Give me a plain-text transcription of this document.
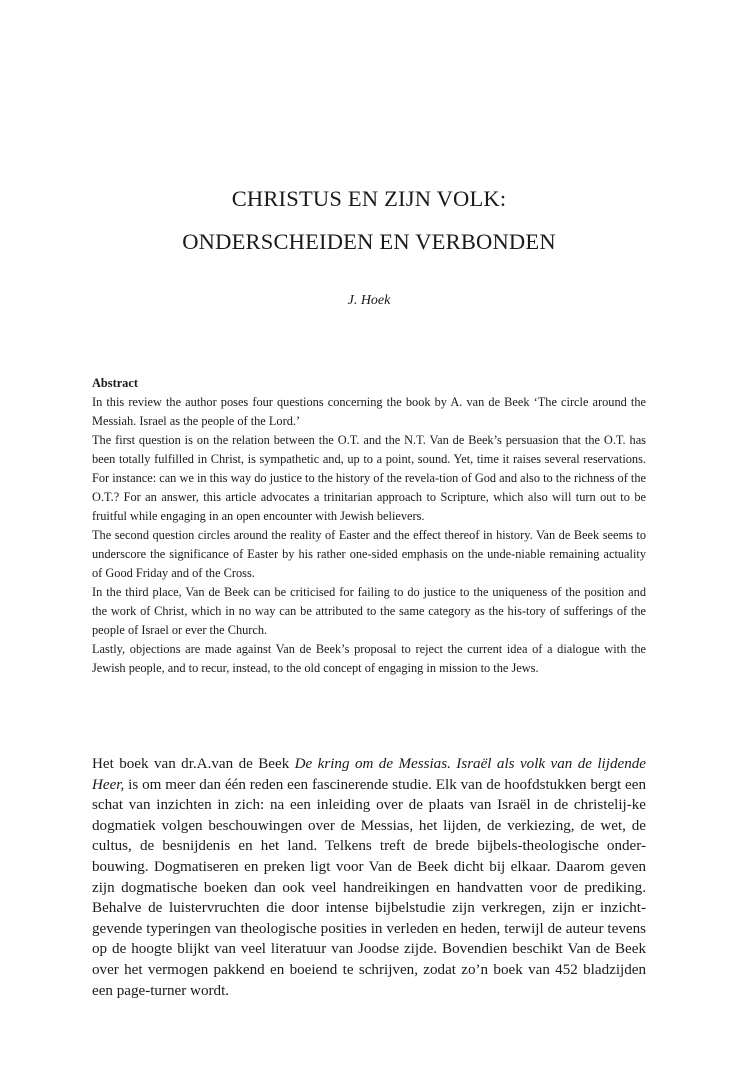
CHRISTUS EN ZIJN VOLK:
ONDERSCHEIDEN EN VERBONDEN
J. Hoek

Abstract

In this review the author poses four questions concerning the book by A. van de Beek ‘The circle around the Messiah. Israel as the people of the Lord.’

The first question is on the relation between the O.T. and the N.T. Van de Beek’s persuasion that the O.T. has been totally fulfilled in Christ, is sympathetic and, up to a point, sound. Yet, time it raises several reservations. For instance: can we in this way do justice to the history of the revela-tion of God and also to the richness of the O.T.? For an answer, this article advocates a trinitarian approach to Scripture, which also will turn out to be fruitful while engaging in an open encounter with Jewish believers.

The second question circles around the reality of Easter and the effect thereof in history. Van de Beek seems to underscore the significance of Easter by his rather one-sided emphasis on the unde-niable remaining actuality of Good Friday and of the Cross.

In the third place, Van de Beek can be criticised for failing to do justice to the uniqueness of the position and the work of Christ, which in no way can be attributed to the same category as the his-tory of sufferings of the people of Israel or ever the Church.

Lastly, objections are made against Van de Beek’s proposal to reject the current idea of a dialogue with the Jewish people, and to recur, instead, to the old concept of engaging in mission to the Jews.

Het boek van dr.A.van de Beek De kring om de Messias. Israël als volk van de lijdende Heer, is om meer dan één reden een fascinerende studie. Elk van de hoofdstukken bergt een schat van inzichten in zich: na een inleiding over de plaats van Israël in de christelij-ke dogmatiek volgen beschouwingen over de Messias, het lijden, de verkiezing, de wet, de cultus, de besnijdenis en het land. Telkens treft de brede bijbels-theologische onder-bouwing. Dogmatiseren en preken ligt voor Van de Beek dicht bij elkaar. Daarom geven zijn dogmatische boeken dan ook veel handreikingen en handvatten voor de prediking. Behalve de luistervruchten die door intense bijbelstudie zijn verkregen, zijn er inzicht-gevende typeringen van theologische posities in verleden en heden, terwijl de auteur tevens op de hoogte blijkt van veel literatuur van Joodse zijde. Bovendien beschikt Van de Beek over het vermogen pakkend en boeiend te schrijven, zodat zo’n boek van 452 bladzijden een page-turner wordt.
